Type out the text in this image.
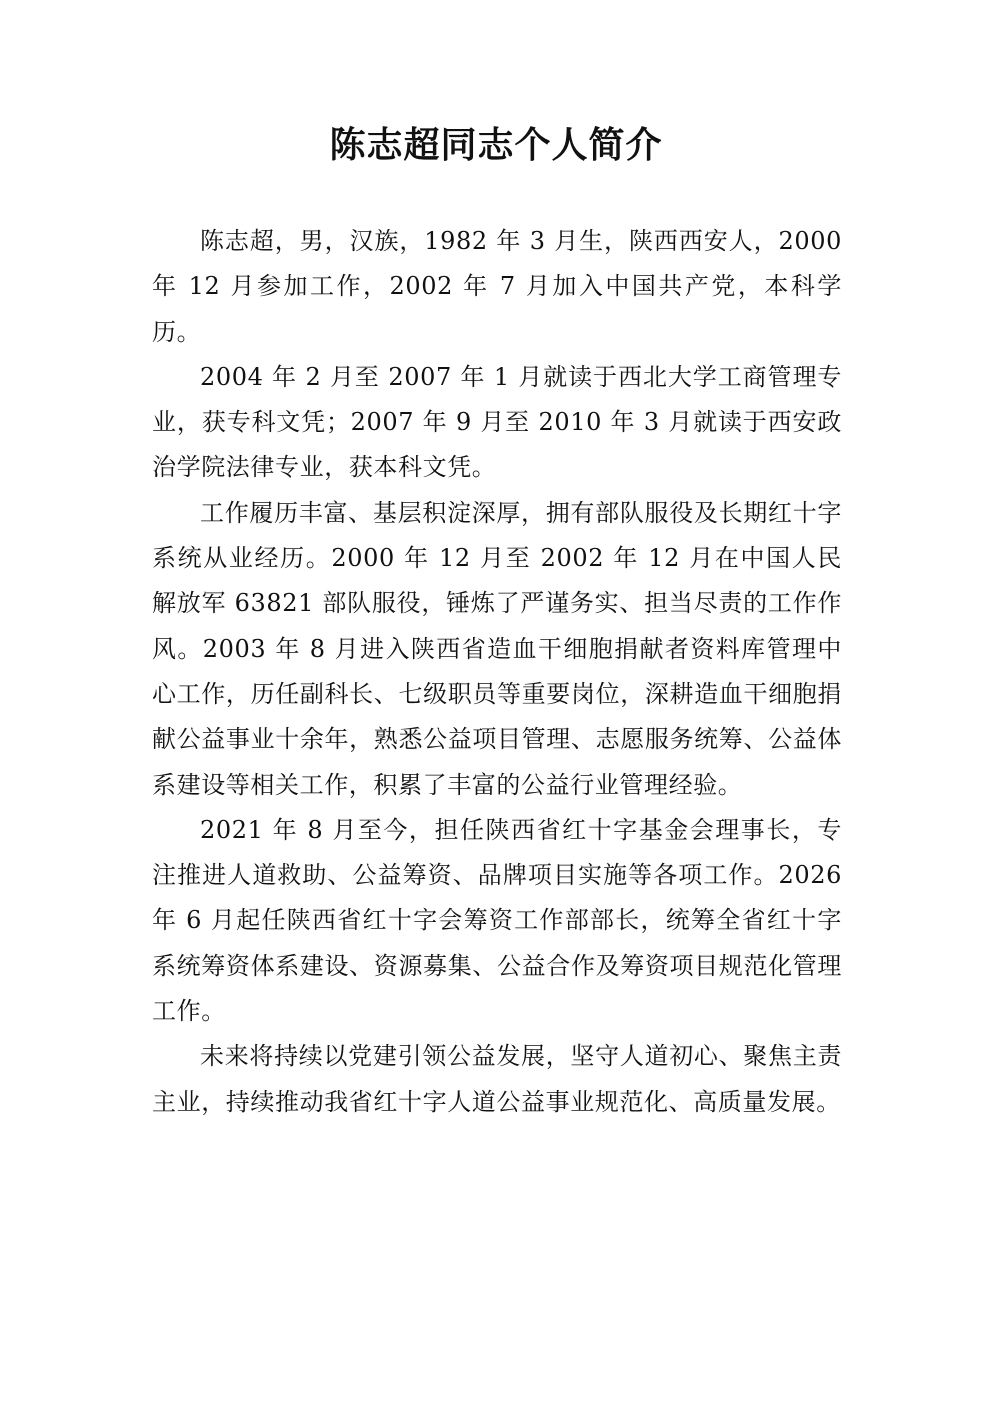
陈志超同志个人简介

陈志超，男，汉族，1982 年 3 月生，陕西西安人，2000 年 12 月参加工作，2002 年 7 月加入中国共产党，本科学历。

2004 年 2 月至 2007 年 1 月就读于西北大学工商管理专业，获专科文凭；2007 年 9 月至 2010 年 3 月就读于西安政治学院法律专业，获本科文凭。

工作履历丰富、基层积淀深厚，拥有部队服役及长期红十字系统从业经历。2000 年 12 月至 2002 年 12 月在中国人民解放军 63821 部队服役，锤炼了严谨务实、担当尽责的工作作风。2003 年 8 月进入陕西省造血干细胞捐献者资料库管理中心工作，历任副科长、七级职员等重要岗位，深耕造血干细胞捐献公益事业十余年，熟悉公益项目管理、志愿服务统筹、公益体系建设等相关工作，积累了丰富的公益行业管理经验。

2021 年 8 月至今，担任陕西省红十字基金会理事长，专注推进人道救助、公益筹资、品牌项目实施等各项工作。2026 年 6 月起任陕西省红十字会筹资工作部部长，统筹全省红十字系统筹资体系建设、资源募集、公益合作及筹资项目规范化管理工作。

未来将持续以党建引领公益发展，坚守人道初心、聚焦主责主业，持续推动我省红十字人道公益事业规范化、高质量发展。
